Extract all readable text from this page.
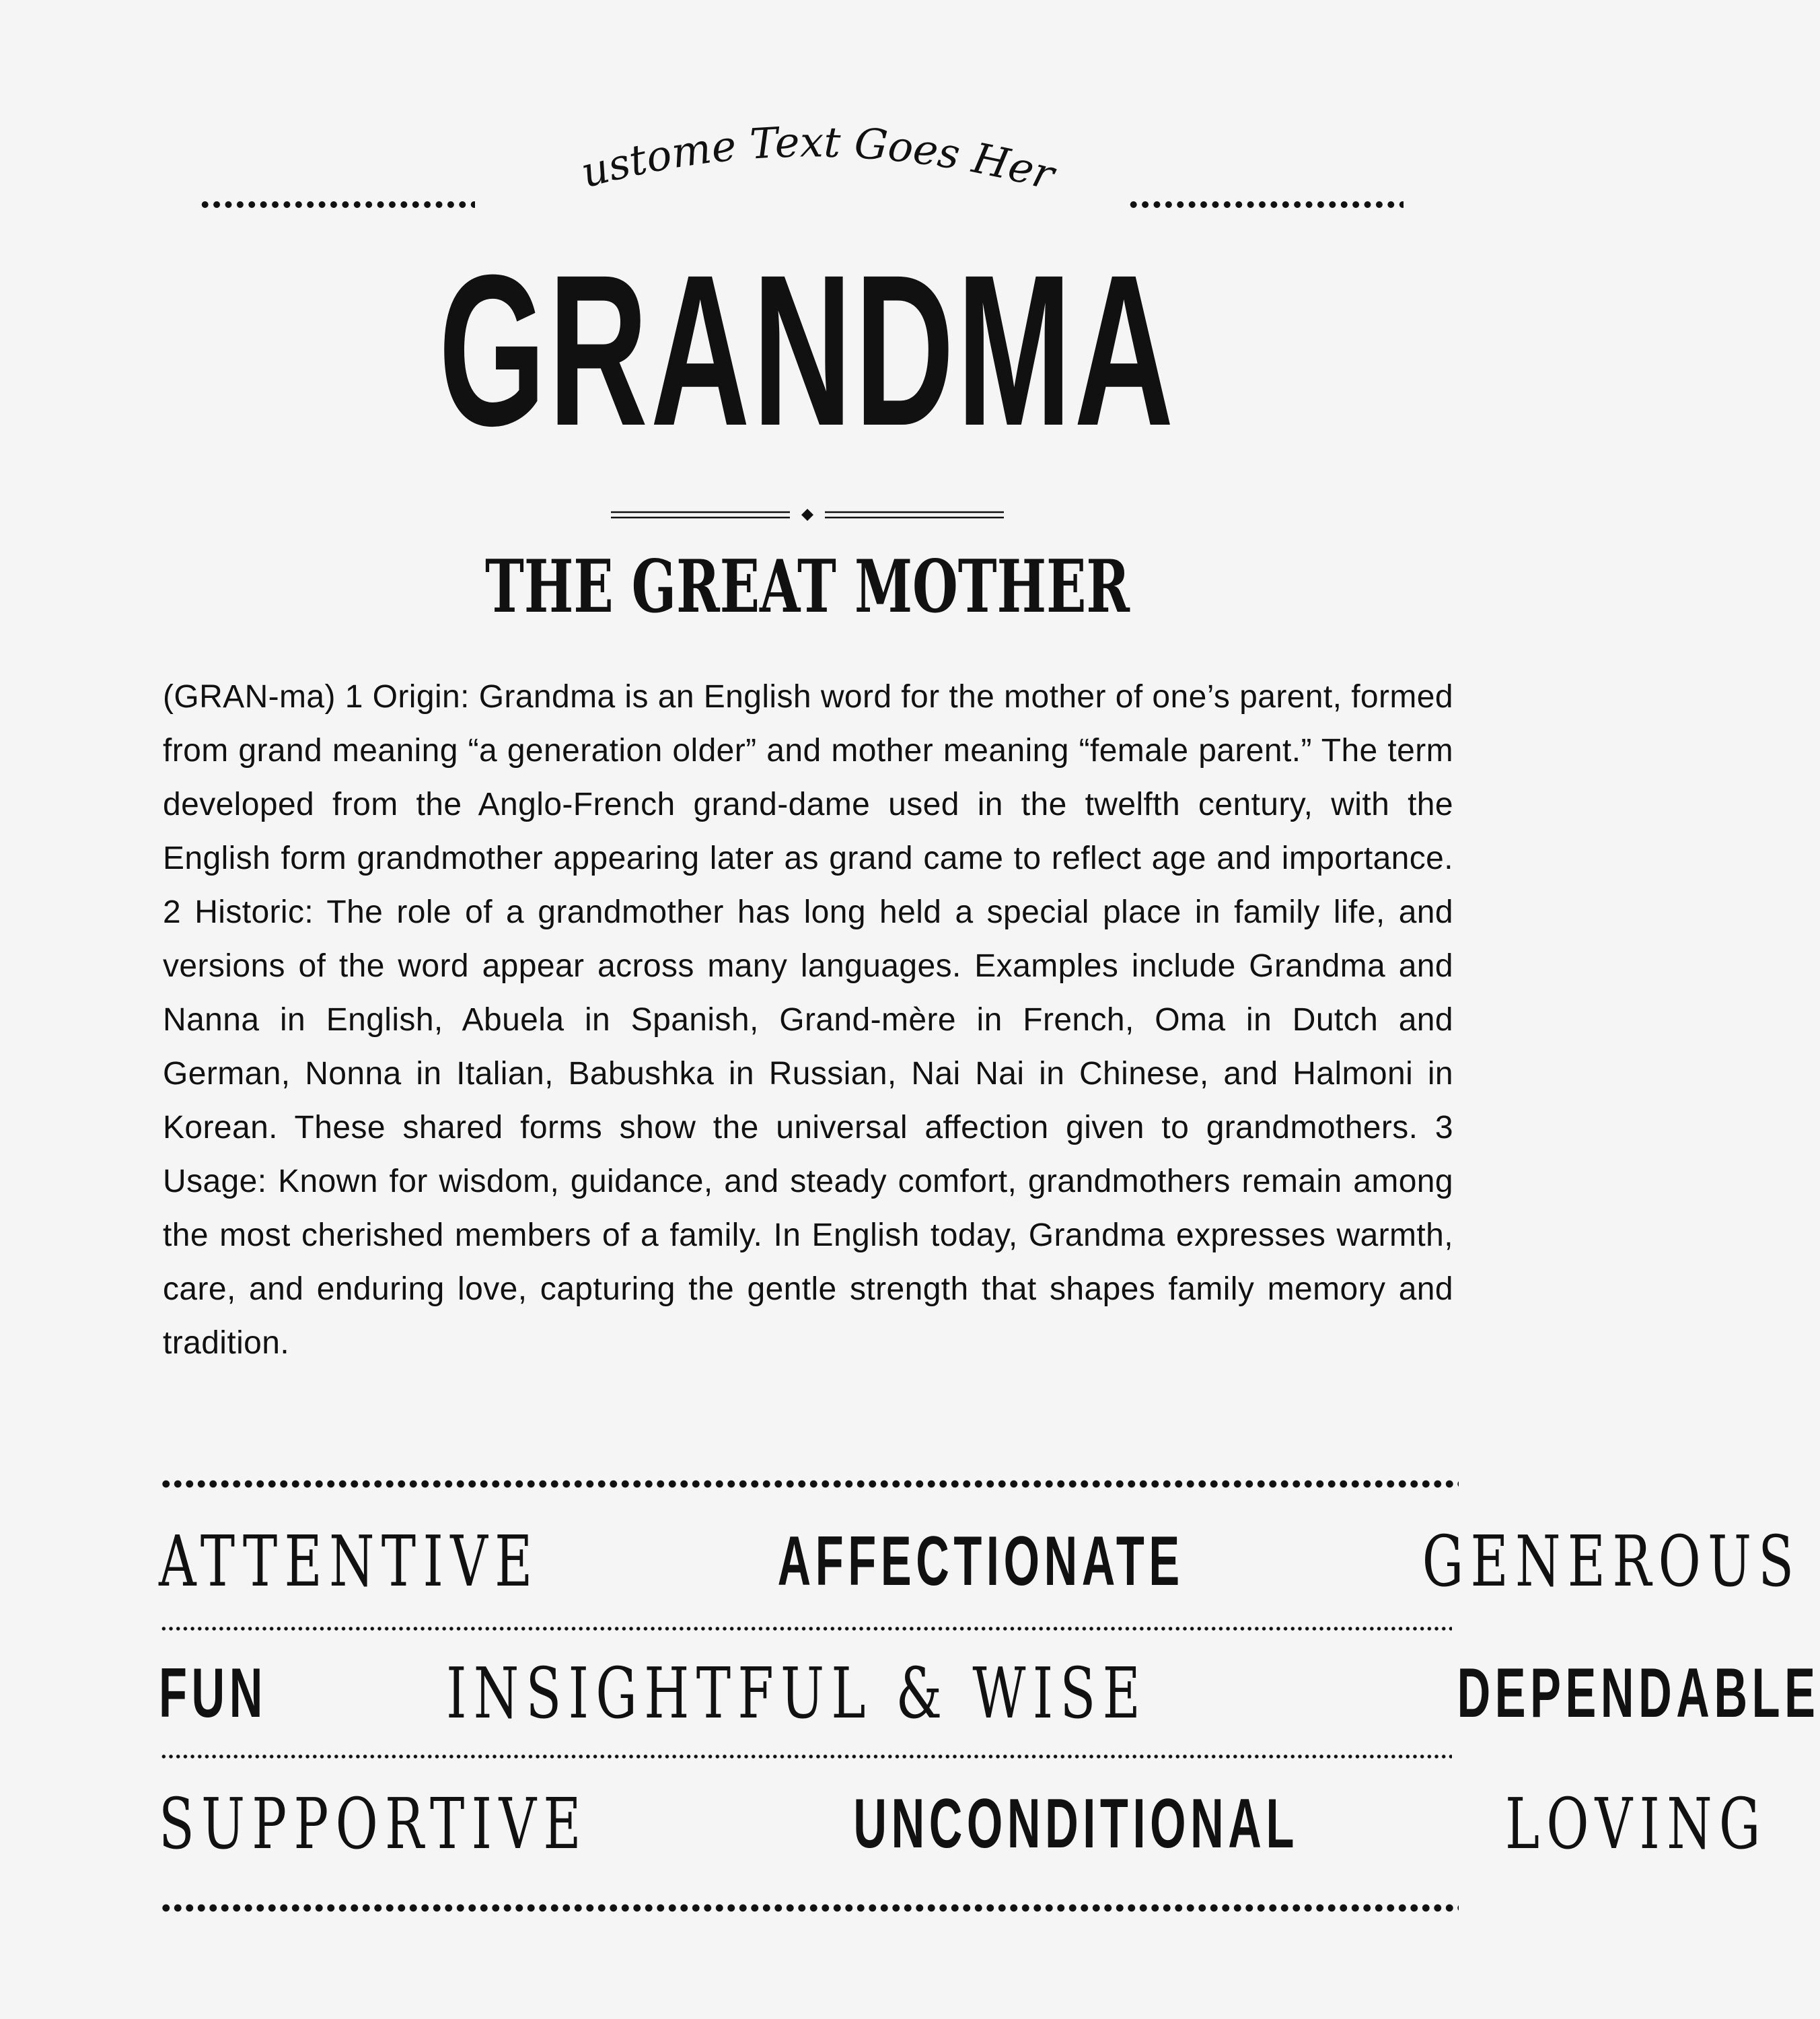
Custome Text Goes Here
GRANDMA
THE GREAT MOTHER

(GRAN-ma) 1 Origin: Grandma is an English word for the mother of one’s parent, formed from grand meaning “a generation older” and mother meaning “female parent.” The term developed from the Anglo-French grand-dame used in the twelfth century, with the English form grandmother appearing later as grand came to reflect age and importance. 2 Historic: The role of a grandmother has long held a special place in family life, and versions of the word appear across many languages. Examples include Grandma and Nanna in English, Abuela in Spanish, Grand-mère in French, Oma in Dutch and German, Nonna in Italian, Babushka in Russian, Nai Nai in Chinese, and Halmoni in Korean. These shared forms show the universal affection given to grandmothers. 3 Usage: Known for wisdom, guidance, and steady comfort, grandmothers remain among the most cherished members of a family. In English today, Grandma expresses warmth, care, and enduring love, capturing the gentle strength that shapes family memory and tradition.

ATTENTIVE	AFFECTIONATE	GENEROUS
FUN	INSIGHTFUL & WISE	DEPENDABLE
SUPPORTIVE	UNCONDITIONAL	LOVING
